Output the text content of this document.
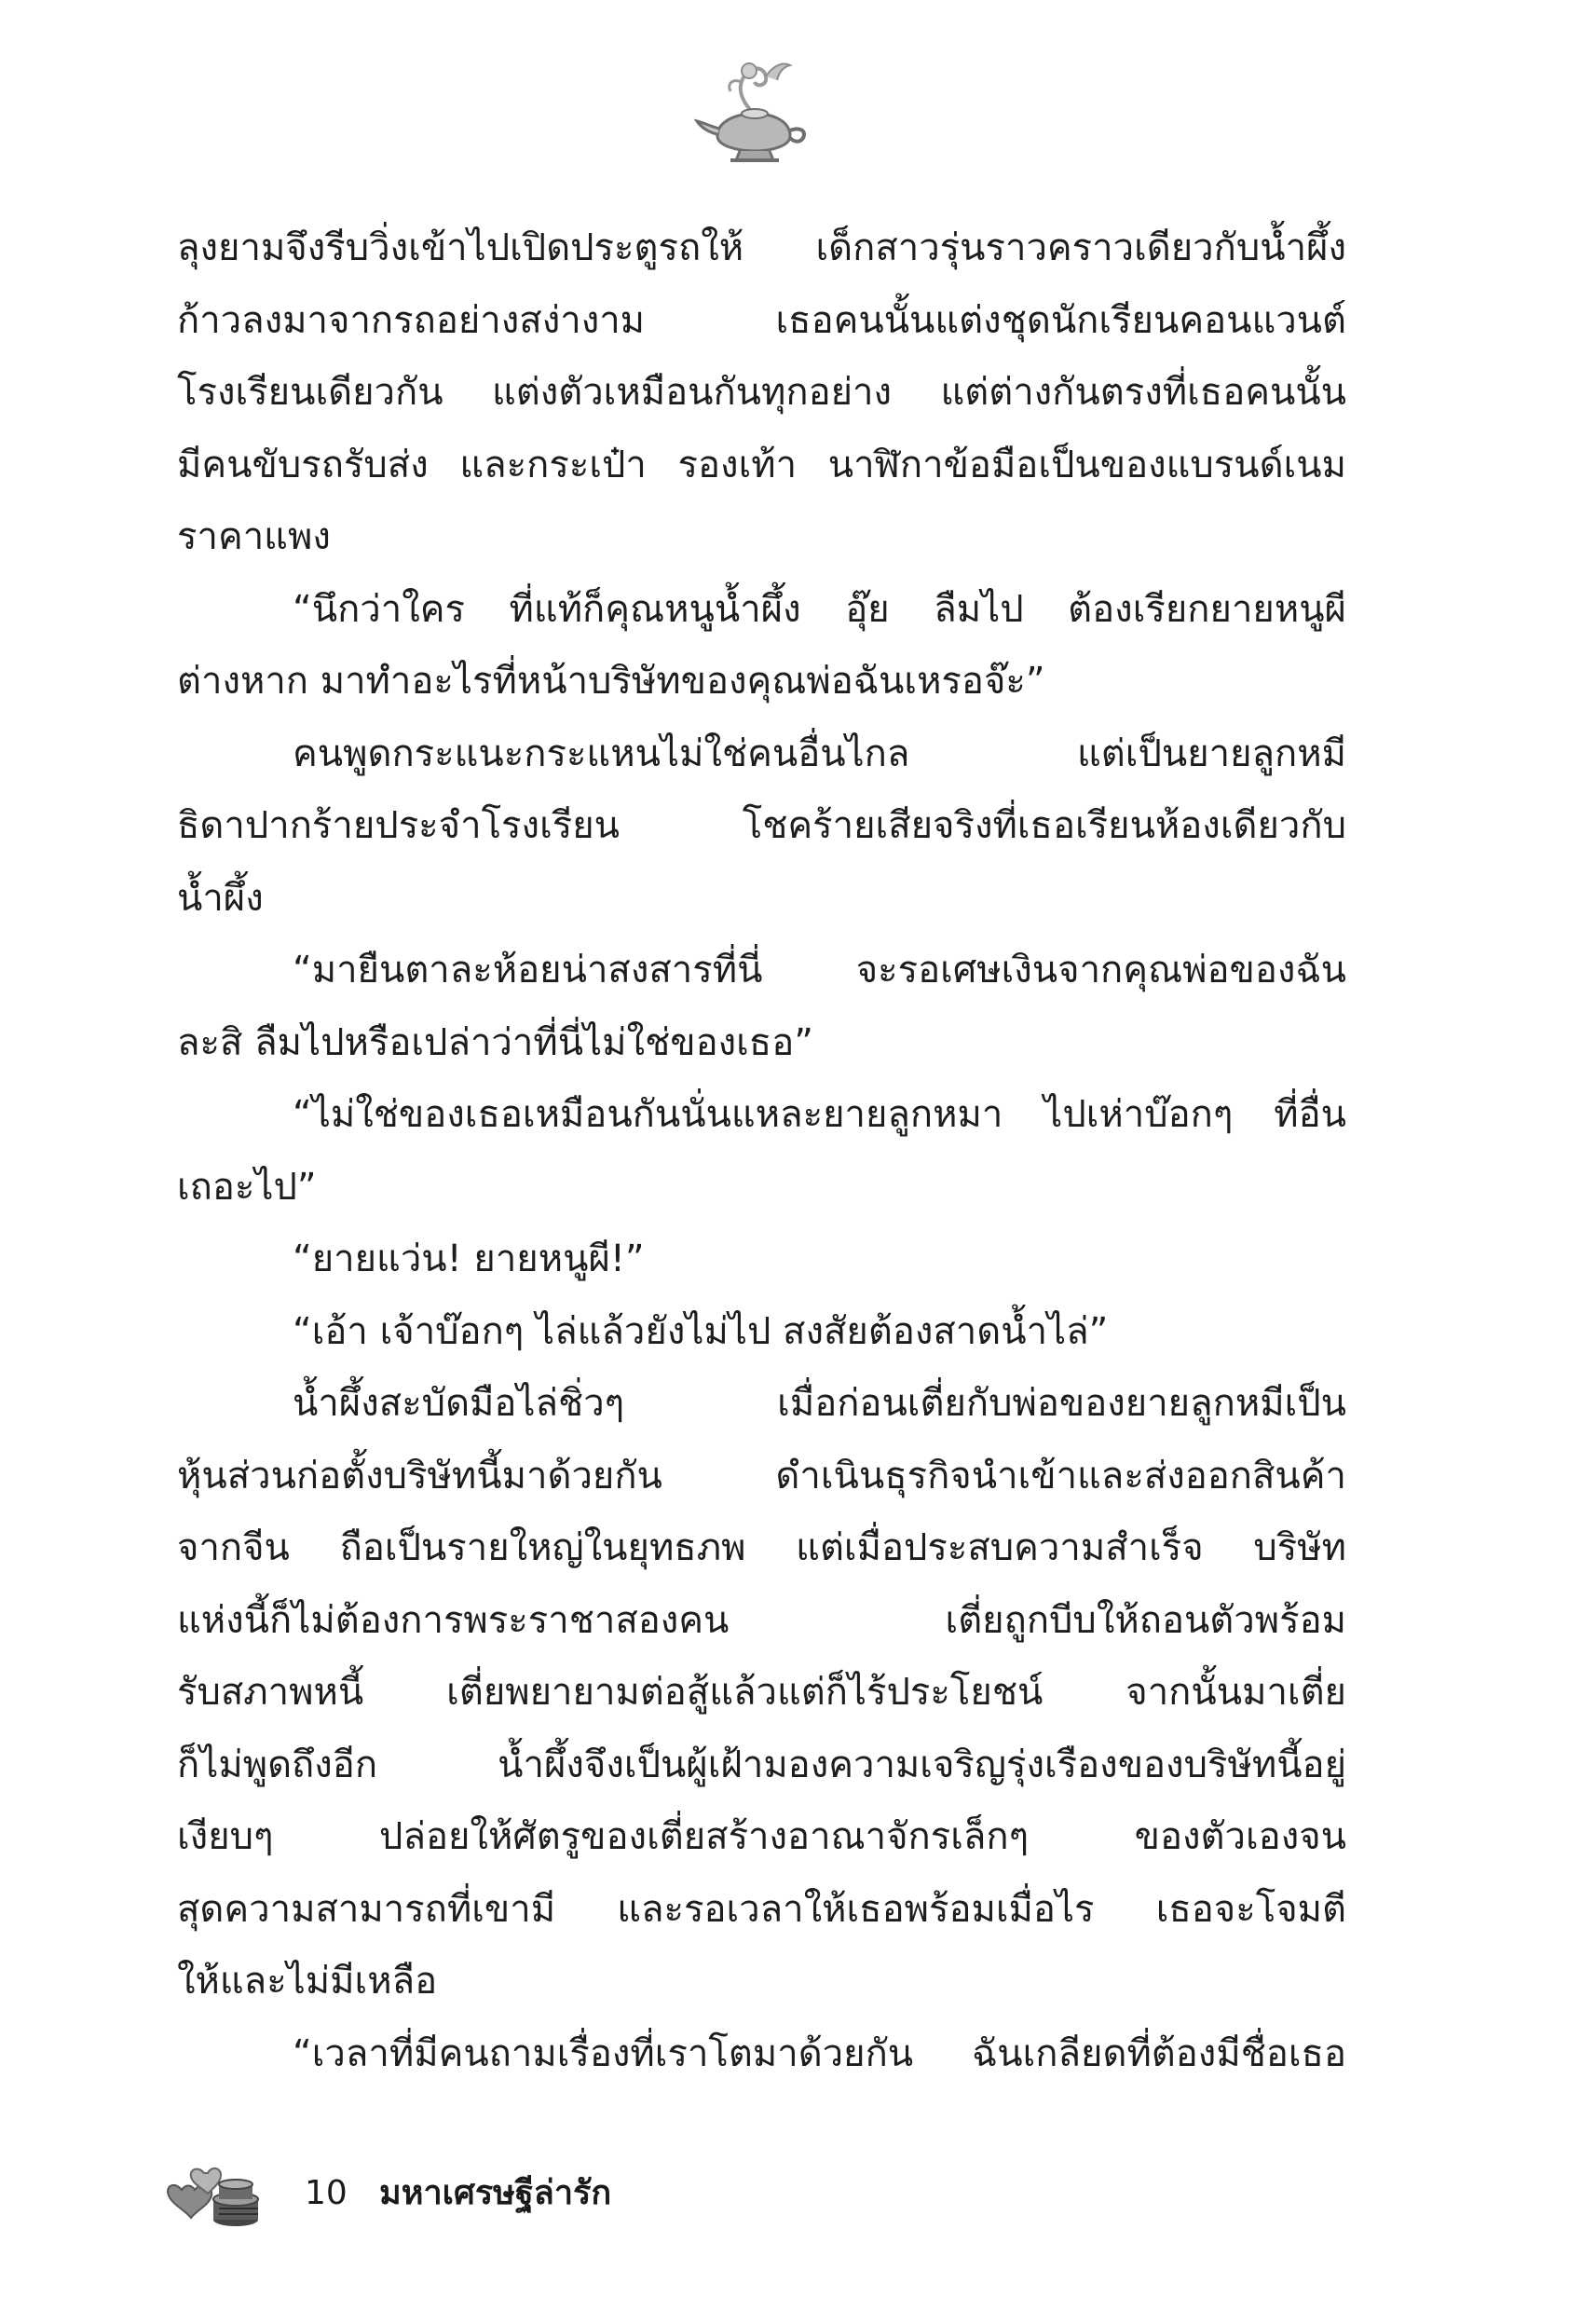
ลุงยามจึงรีบวิ่งเข้าไปเปิดประตูรถให้ เด็กสาวรุ่นราวคราวเดียวกับน้ำผึ้ง
ก้าวลงมาจากรถอย่างสง่างาม เธอคนนั้นแต่งชุดนักเรียนคอนแวนต์
โรงเรียนเดียวกัน แต่งตัวเหมือนกันทุกอย่าง แต่ต่างกันตรงที่เธอคนนั้น
มีคนขับรถรับส่ง และกระเป๋า รองเท้า นาฬิกาข้อมือเป็นของแบรนด์เนม
ราคาแพง
“นึกว่าใคร ที่แท้ก็คุณหนูน้ำผึ้ง อุ๊ย ลืมไป ต้องเรียกยายหนูผี
ต่างหาก มาทำอะไรที่หน้าบริษัทของคุณพ่อฉันเหรอจ๊ะ”
คนพูดกระแนะกระแหนไม่ใช่คนอื่นไกล แต่เป็นยายลูกหมี
ธิดาปากร้ายประจำโรงเรียน โชคร้ายเสียจริงที่เธอเรียนห้องเดียวกับ
น้ำผึ้ง
“มายืนตาละห้อยน่าสงสารที่นี่ จะรอเศษเงินจากคุณพ่อของฉัน
ละสิ ลืมไปหรือเปล่าว่าที่นี่ไม่ใช่ของเธอ”
“ไม่ใช่ของเธอเหมือนกันนั่นแหละยายลูกหมา ไปเห่าบ๊อกๆ ที่อื่น
เถอะไป”
“ยายแว่น! ยายหนูผี!”
“เอ้า เจ้าบ๊อกๆ ไล่แล้วยังไม่ไป สงสัยต้องสาดน้ำไล่”
น้ำผึ้งสะบัดมือไล่ชิ่วๆ เมื่อก่อนเตี่ยกับพ่อของยายลูกหมีเป็น
หุ้นส่วนก่อตั้งบริษัทนี้มาด้วยกัน ดำเนินธุรกิจนำเข้าและส่งออกสินค้า
จากจีน ถือเป็นรายใหญ่ในยุทธภพ แต่เมื่อประสบความสำเร็จ บริษัท
แห่งนี้ก็ไม่ต้องการพระราชาสองคน เตี่ยถูกบีบให้ถอนตัวพร้อม
รับสภาพหนี้ เตี่ยพยายามต่อสู้แล้วแต่ก็ไร้ประโยชน์ จากนั้นมาเตี่ย
ก็ไม่พูดถึงอีก น้ำผึ้งจึงเป็นผู้เฝ้ามองความเจริญรุ่งเรืองของบริษัทนี้อยู่
เงียบๆ ปล่อยให้ศัตรูของเตี่ยสร้างอาณาจักรเล็กๆ ของตัวเองจน
สุดความสามารถที่เขามี และรอเวลาให้เธอพร้อมเมื่อไร เธอจะโจมตี
ให้และไม่มีเหลือ
“เวลาที่มีคนถามเรื่องที่เราโตมาด้วยกัน ฉันเกลียดที่ต้องมีชื่อเธอ
10 มหาเศรษฐีล่ารัก
